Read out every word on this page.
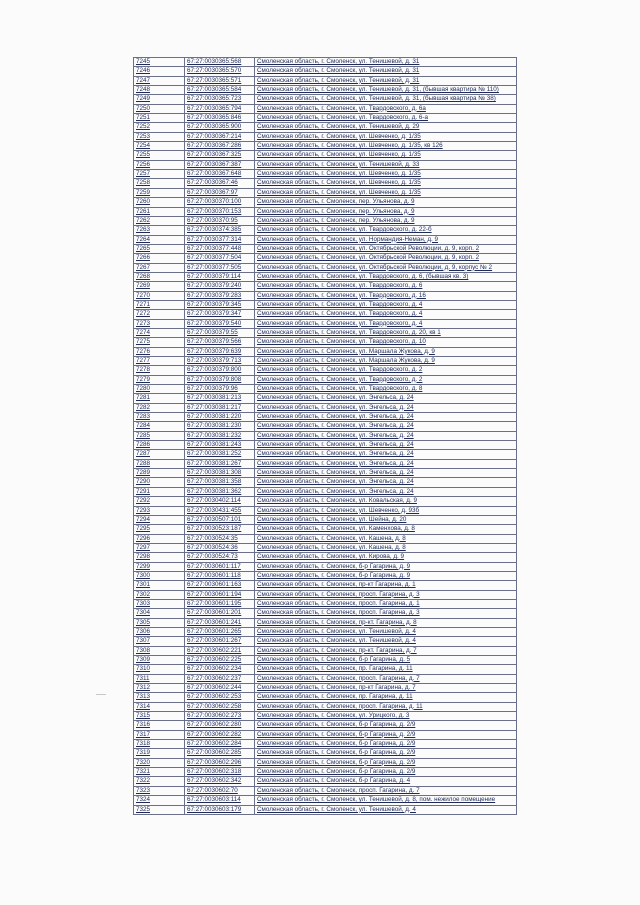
7245	67:27:0030365:568	Смоленская область, г. Смоленск, ул. Тенишевой, д. 31
7246	67:27:0030365:570	Смоленская область, г. Смоленск, ул. Тенишевой, д. 31
7247	67:27:0030365:571	Смоленская область, г. Смоленск, ул. Тенишевой, д. 31
7248	67:27:0030365:584	Смоленская область, г. Смоленск, ул. Тенишевой, д. 31, (бывшая квартира № 110)
7249	67:27:0030365:723	Смоленская область, г. Смоленск, ул. Тенишевой, д. 31, (бывшая квартира № 38)
7250	67:27:0030365:794	Смоленская область, г. Смоленск, ул. Твардовского, д. 6а
7251	67:27:0030365:846	Смоленская область, г. Смоленск, ул. Твардовского, д. 6-а
7252	67:27:0030365:900	Смоленская область, г. Смоленск, ул. Тенишевой, д. 29
7253	67:27:0030367:214	Смоленская область, г. Смоленск, ул. Шевченко, д. 1/35
7254	67:27:0030367:286	Смоленская область, г. Смоленск, ул. Шевченко, д. 1/35, кв 126
7255	67:27:0030367:325	Смоленская область, г. Смоленск, ул. Шевченко, д. 1/35
7256	67:27:0030367:387	Смоленская область, г. Смоленск, ул. Тенишевой, д. 33
7257	67:27:0030367:648	Смоленская область, г. Смоленск, ул. Шевченко, д. 1/35
7258	67:27:0030367:46	Смоленская область, г. Смоленск, ул. Шевченко, д. 1/35
7259	67:27:0030367:97	Смоленская область, г. Смоленск, ул. Шевченко, д. 1/35
7260	67:27:0030370:100	Смоленская область, г. Смоленск, пер. Ульянова, д. 9
7261	67:27:0030370:153	Смоленская область, г. Смоленск, пер. Ульянова, д. 9
7262	67:27:0030370:95	Смоленская область, г. Смоленск, пер. Ульянова, д. 9
7263	67:27:0030374:385	Смоленская область, г. Смоленск, ул. Твардовского, д. 22-б
7264	67:27:0030377:314	Смоленская область, г. Смоленск, ул. Нормандия-Неман, д. 9
7265	67:27:0030377:448	Смоленская область, г. Смоленск, ул. Октябрьской Революции, д. 9, корп. 2
7266	67:27:0030377:504	Смоленская область, г. Смоленск, ул. Октябрьской Революции, д. 9, корп. 2
7267	67:27:0030377:505	Смоленская область, г. Смоленск, ул. Октябрьской Революции, д. 9, корпус № 2
7268	67:27:0030379:114	Смоленская область, г. Смоленск, ул. Твардовского, д. 6, (бывшая кв. 3)
7269	67:27:0030379:240	Смоленская область, г. Смоленск, ул. Твардовского, д. 6
7270	67:27:0030379:283	Смоленская область, г. Смоленск, ул. Твардовского, д. 16
7271	67:27:0030379:345	Смоленская область, г. Смоленск, ул. Твардовского, д. 4
7272	67:27:0030379:347	Смоленская область, г. Смоленск, ул. Твардовского, д. 4
7273	67:27:0030379:540	Смоленская область, г. Смоленск, ул. Твардовского, д. 4
7274	67:27:0030379:55	Смоленская область, г. Смоленск, ул. Твардовского, д. 20, кв 1
7275	67:27:0030379:566	Смоленская область, г. Смоленск, ул. Твардовского, д. 10
7276	67:27:0030379:639	Смоленская область, г. Смоленск, ул. Маршала Жукова, д. 9
7277	67:27:0030379:713	Смоленская область, г. Смоленск, ул. Маршала Жукова, д. 9
7278	67:27:0030379:800	Смоленская область, г. Смоленск, ул. Твардовского, д. 2
7279	67:27:0030379:808	Смоленская область, г. Смоленск, ул. Твардовского, д. 2
7280	67:27:0030379:96	Смоленская область, г. Смоленск, ул. Твардовского, д. 8
7281	67:27:0030381:213	Смоленская область, г. Смоленск, ул. Энгельса, д. 24
7282	67:27:0030381:217	Смоленская область, г. Смоленск, ул. Энгельса, д. 24
7283	67:27:0030381:220	Смоленская область, г. Смоленск, ул. Энгельса, д. 24
7284	67:27:0030381:230	Смоленская область, г. Смоленск, ул. Энгельса, д. 24
7285	67:27:0030381:232	Смоленская область, г. Смоленск, ул. Энгельса, д. 24
7286	67:27:0030381:243	Смоленская область, г. Смоленск, ул. Энгельса, д. 24
7287	67:27:0030381:252	Смоленская область, г. Смоленск, ул. Энгельса, д. 24
7288	67:27:0030381:267	Смоленская область, г. Смоленск, ул. Энгельса, д. 24
7289	67:27:0030381:308	Смоленская область, г. Смоленск, ул. Энгельса, д. 24
7290	67:27:0030381:358	Смоленская область, г. Смоленск, ул. Энгельса, д. 24
7291	67:27:0030381:362	Смоленская область, г. Смоленск, ул. Энгельса, д. 24
7292	67:27:0030402:114	Смоленская область, г. Смоленск, ул. Ковальская, д. 9
7293	67:27:0030431:455	Смоленская область, г. Смоленск, ул. Шевченко, д. 93б
7294	67:27:0030507:101	Смоленская область, г. Смоленск, ул. Шейна, д. 20
7295	67:27:0030523:187	Смоленская область, г. Смоленск, ул. Каменхова, д. 8
7296	67:27:0030524:35	Смоленская область, г. Смоленск, ул. Кашена, д. 8
7297	67:27:0030524:36	Смоленская область, г. Смоленск, ул. Кашена, д. 8
7298	67:27:0030524:73	Смоленская область, г. Смоленск, ул. Кирова, д. 9
7299	67:27:0030601:117	Смоленская область, г. Смоленск, б-р Гагарина, д. 9
7300	67:27:0030601:118	Смоленская область, г. Смоленск, б-р Гагарина, д. 9
7301	67:27:0030601:163	Смоленская область, г. Смоленск, пр-кт Гагарина, д. 1
7302	67:27:0030601:194	Смоленская область, г. Смоленск, просп. Гагарина, д. 3
7303	67:27:0030601:195	Смоленская область, г. Смоленск, просп. Гагарина, д. 1
7304	67:27:0030601:201	Смоленская область, г. Смоленск, просп. Гагарина, д. 3
7305	67:27:0030601:241	Смоленская область, г. Смоленск, пр-кт. Гагарина, д. 8
7306	67:27:0030601:265	Смоленская область, г. Смоленск, ул. Тенишевой, д. 4
7307	67:27:0030601:267	Смоленская область, г. Смоленск, ул. Тенишевой, д. 4
7308	67:27:0030602:221	Смоленская область, г. Смоленск, пр-кт. Гагарина, д. 7
7309	67:27:0030602:225	Смоленская область, г. Смоленск, б-р Гагарина, д. 5
7310	67:27:0030602:234	Смоленская область, г. Смоленск, пр. Гагарина, д. 11
7311	67:27:0030602:237	Смоленская область, г. Смоленск, просп. Гагарина, д. 7
7312	67:27:0030602:244	Смоленская область, г. Смоленск, пр-кт Гагарина, д. 7
7313	67:27:0030602:253	Смоленская область, г. Смоленск, пр. Гагарина, д. 11
7314	67:27:0030602:258	Смоленская область, г. Смоленск, просп. Гагарина, д. 11
7315	67:27:0030602:273	Смоленская область, г. Смоленск, ул. Урицкого, д. 3
7316	67:27:0030602:280	Смоленская область, г. Смоленск, б-р Гагарина, д. 2/9
7317	67:27:0030602:282	Смоленская область, г. Смоленск, б-р Гагарина, д. 2/9
7318	67:27:0030602:284	Смоленская область, г. Смоленск, б-р Гагарина, д. 2/9
7319	67:27:0030602:285	Смоленская область, г. Смоленск, б-р Гагарина, д. 2/9
7320	67:27:0030602:296	Смоленская область, г. Смоленск, б-р Гагарина, д. 2/9
7321	67:27:0030602:318	Смоленская область, г. Смоленск, б-р Гагарина, д. 2/9
7322	67:27:0030602:342	Смоленская область, г. Смоленск, б-р Гагарина, д. 4
7323	67:27:0030602:70	Смоленская область, г. Смоленск, просп. Гагарина, д. 7
7324	67:27:0030603:114	Смоленская область, г. Смоленск, ул. Тенишевой, д. 8, пом. нежилое помещение
7325	67:27:0030603:179	Смоленская область, г. Смоленск, ул. Тенишевой, д. 4
